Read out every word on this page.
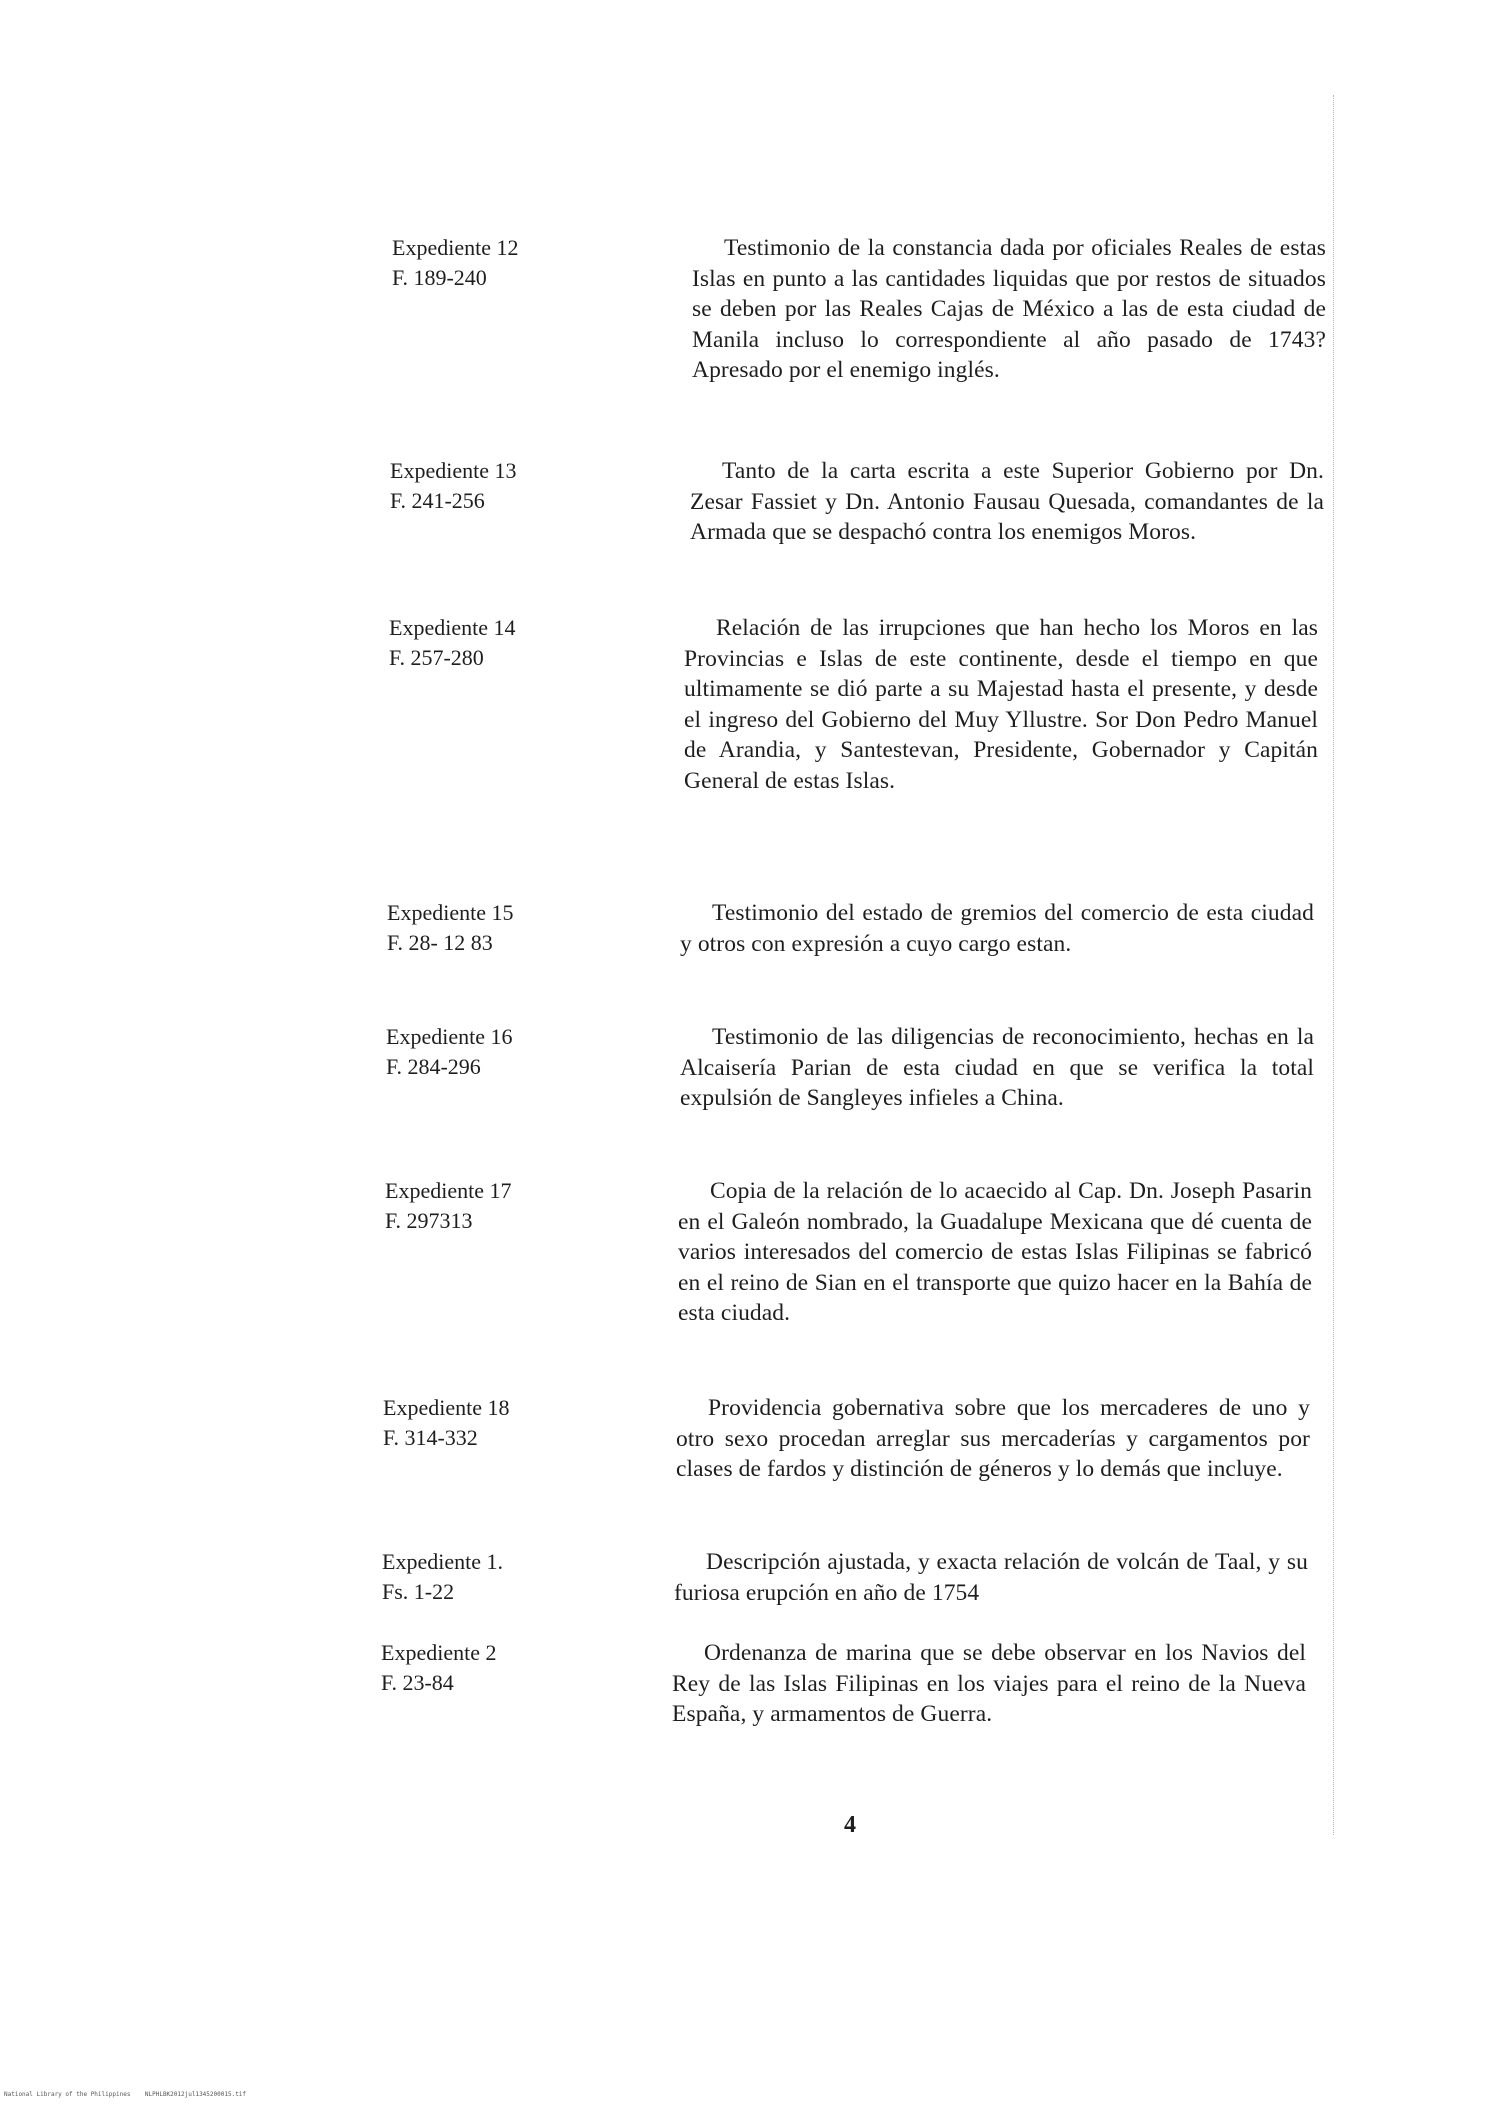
Expediente 12
F. 189-240

Testimonio de la constancia dada por oficiales Reales de estas Islas en punto a las cantidades liquidas que por restos de situados se deben por las Reales Cajas de México a las de esta ciudad de Manila incluso lo correspondiente al año pasado de 1743? Apresado por el enemigo inglés.

Expediente 13
F. 241-256

Tanto de la carta escrita a este Superior Gobierno por Dn. Zesar Fassiet y Dn. Antonio Fausau Quesada, comandantes de la Armada que se despachó contra los enemigos Moros.

Expediente 14
F. 257-280

Relación de las irrupciones que han hecho los Moros en las Provincias e Islas de este continente, desde el tiempo en que ultimamente se dió parte a su Majestad hasta el presente, y desde el ingreso del Gobierno del Muy Yllustre. Sor Don Pedro Manuel de Arandia, y Santestevan, Presidente, Gobernador y Capitán General de estas Islas.

Expediente 15
F. 28- 12 83

Testimonio del estado de gremios del comercio de esta ciudad y otros con expresión a cuyo cargo estan.

Expediente 16
F. 284-296

Testimonio de las diligencias de reconocimiento, hechas en la Alcaisería Parian de esta ciudad en que se verifica la total expulsión de Sangleyes infieles a China.

Expediente 17
F. 297313

Copia de la relación de lo acaecido al Cap. Dn. Joseph Pasarin en el Galeón nombrado, la Guadalupe Mexicana que dé cuenta de varios interesados del comercio de estas Islas Filipinas se fabricó en el reino de Sian en el transporte que quizo hacer en la Bahía de esta ciudad.

Expediente 18
F. 314-332

Providencia gobernativa sobre que los mercaderes de uno y otro sexo procedan arreglar sus mercaderías y cargamentos por clases de fardos y distinción de géneros y lo demás que incluye.

Expediente 1.
Fs. 1-22

Descripción ajustada, y exacta relación de volcán de Taal, y su furiosa erupción en año de 1754

Expediente 2
F. 23-84

Ordenanza de marina que se debe observar en los Navios del Rey de las Islas Filipinas en los viajes para el reino de la Nueva España, y armamentos de Guerra.

4
National Library of the Philippines    NLPHLBK2012jul1345200015.tif
